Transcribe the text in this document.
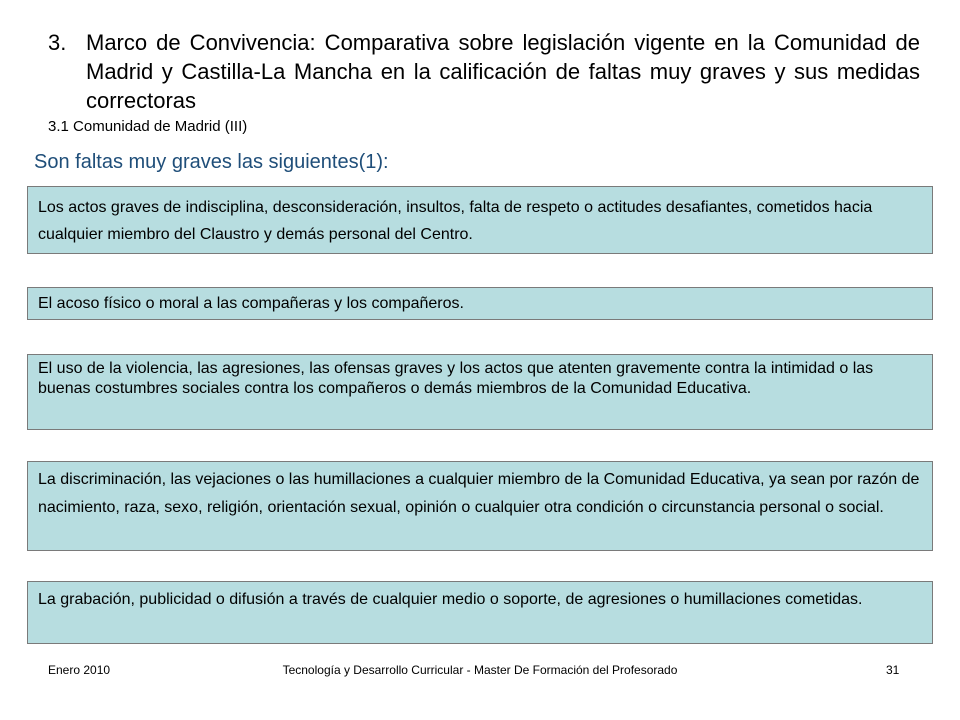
3. Marco de Convivencia: Comparativa sobre legislación vigente en la Comunidad de Madrid y Castilla-La Mancha en la calificación de faltas muy graves y sus medidas correctoras
3.1 Comunidad de Madrid (III)
Son faltas muy graves las siguientes(1):
Los actos graves de indisciplina, desconsideración, insultos, falta de respeto o actitudes desafiantes, cometidos hacia cualquier miembro del Claustro y demás personal del Centro.
El acoso físico o moral a las compañeras y los compañeros.
El uso de la violencia, las agresiones, las ofensas graves y los actos que atenten gravemente contra la intimidad o las buenas costumbres sociales contra los compañeros o demás miembros de la Comunidad Educativa.
La discriminación, las vejaciones o las humillaciones a cualquier miembro de la Comunidad Educativa, ya sean por razón de nacimiento, raza, sexo, religión, orientación sexual, opinión o cualquier otra condición o circunstancia personal o social.
La grabación, publicidad o difusión a través de cualquier medio o soporte, de agresiones o humillaciones cometidas.
Tecnología y Desarrollo Curricular - Master De Formación del Profesorado
Enero 2010	31
